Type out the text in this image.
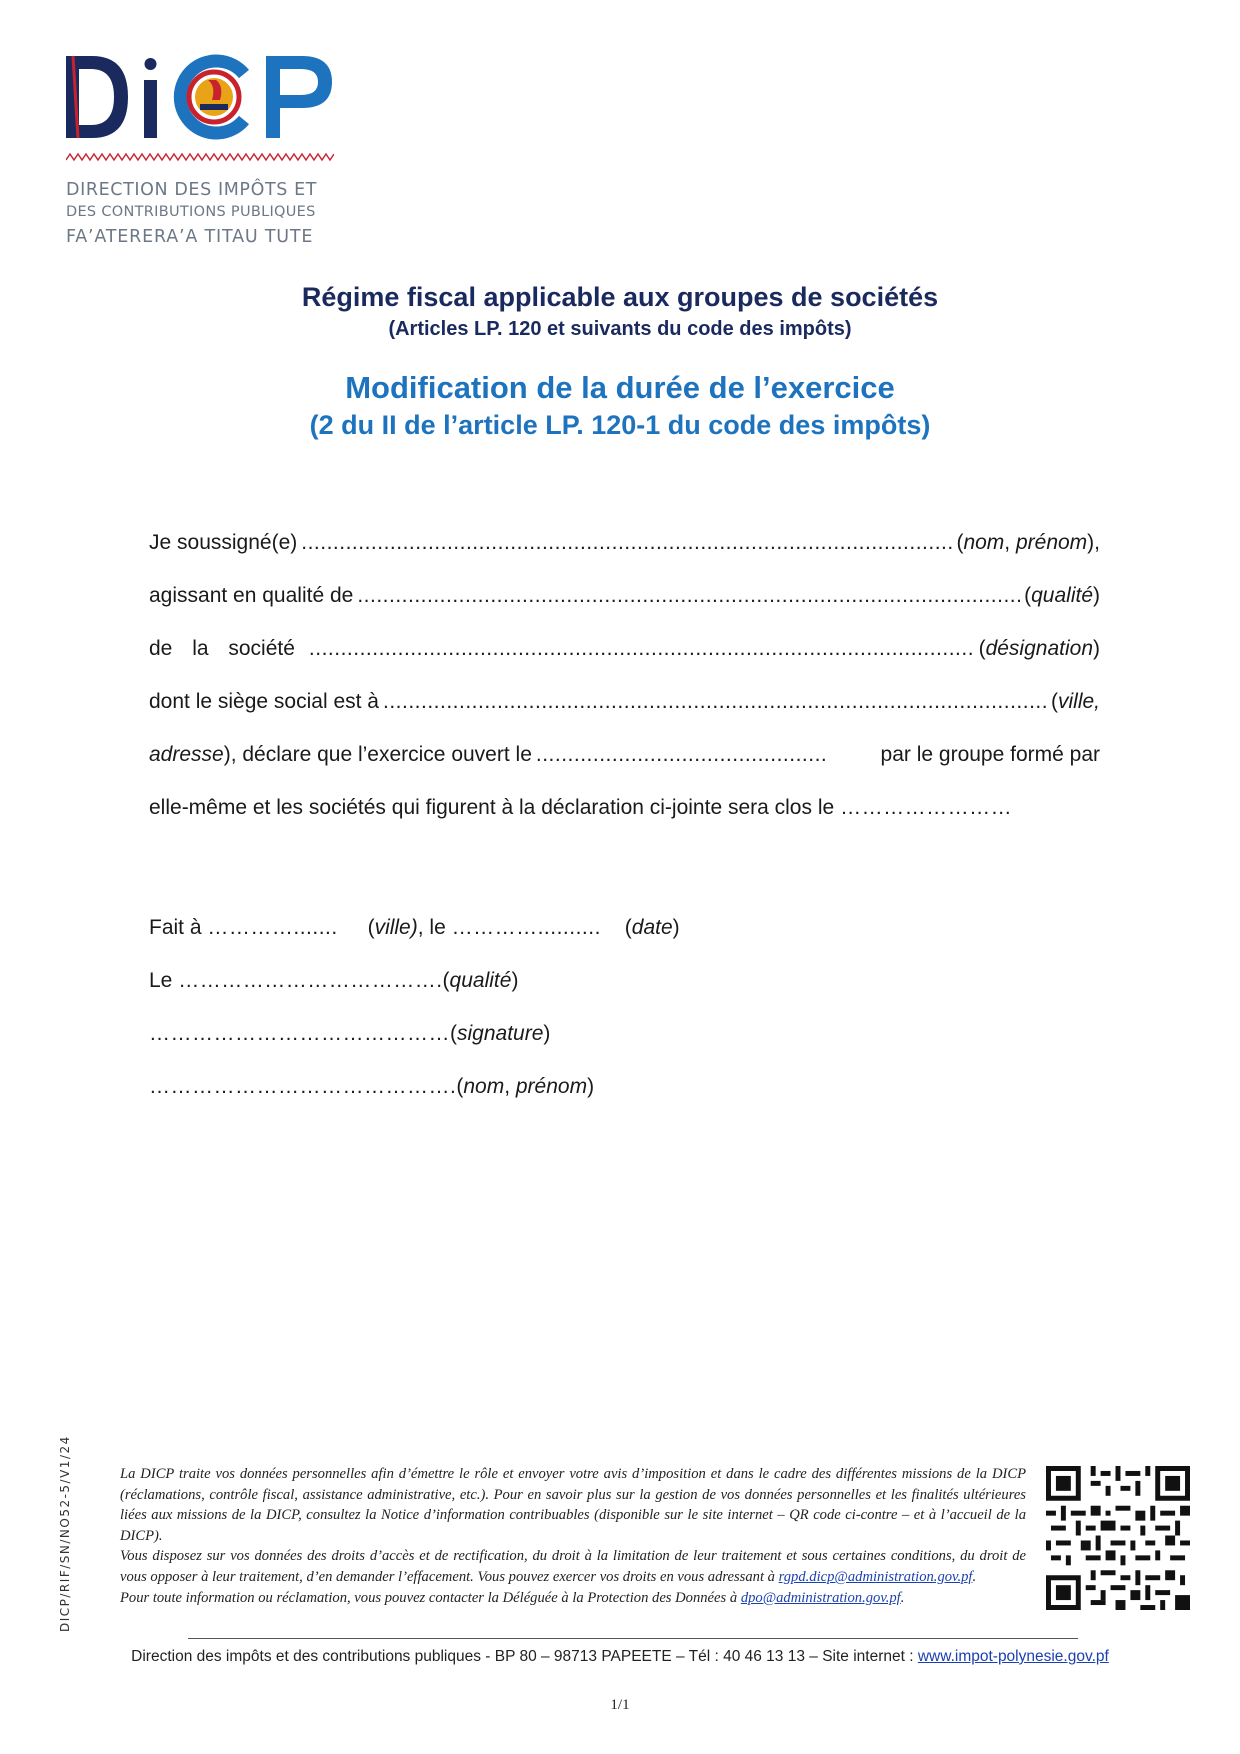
DIRECTION DES IMPÔTS ET
DES CONTRIBUTIONS PUBLIQUES
FA’ATERERA’A TITAU TUTE
Régime fiscal applicable aux groupes de sociétés
(Articles LP. 120 et suivants du code des impôts)
Modification de la durée de l’exercice
(2 du II de l’article LP. 120-1 du code des impôts)
Je soussigné(e) .....	(nom, prénom),
agissant en qualité de .....	(qualité)
de la société .....	(désignation)
dont le siège social est à .....	(ville,
adresse), déclare que l’exercice ouvert le .....	par le groupe formé par
elle-même et les sociétés qui figurent à la déclaration ci-jointe sera clos le ……………………
Fait à …………....... (ville), le ………….......... (date)
Le ……………………………….(qualité)
……………………………………(signature)
…………………………………….(nom, prénom)
DICP/RIF/SN/NO52-5/V1/24	La DICP traite vos données personnelles afin d’émettre le rôle et envoyer votre avis d’imposition et dans le cadre des différentes missions de la DICP (réclamations, contrôle fiscal, assistance administrative, etc.). Pour en savoir plus sur la gestion de vos données personnelles et les finalités ultérieures liées aux missions de la DICP, consultez la Notice d’information contribuables (disponible sur le site internet – QR code ci-contre – et à l’accueil de la DICP).

Vous disposez sur vos données des droits d’accès et de rectification, du droit à la limitation de leur traitement et sous certaines conditions, du droit de vous opposer à leur traitement, d’en demander l’effacement. Vous pouvez exercer vos droits en vous adressant à rgpd.dicp@administration.gov.pf.

Pour toute information ou réclamation, vous pouvez contacter la Déléguée à la Protection des Données à dpo@administration.gov.pf.

Direction des impôts et des contributions publiques - BP 80 – 98713 PAPEETE – Tél : 40 46 13 13 – Site internet : www.impot-polynesie.gov.pf
1/1
